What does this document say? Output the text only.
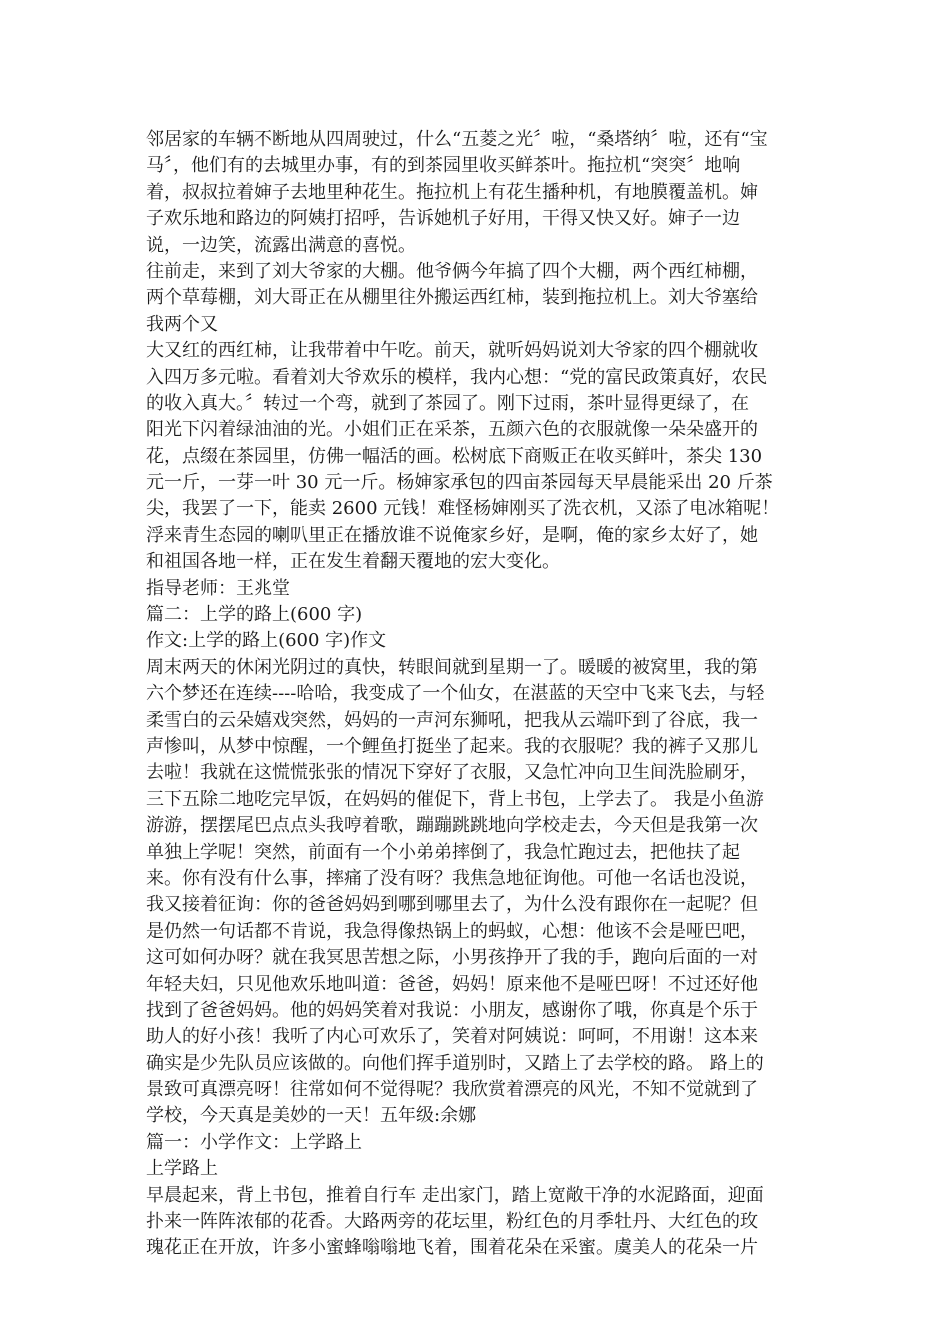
邻居家的车辆不断地从四周驶过，什么“五菱之光〞啦，“桑塔纳〞啦，还有“宝
马〞，他们有的去城里办事，有的到茶园里收买鲜茶叶。拖拉机“突突〞地响
着，叔叔拉着婶子去地里种花生。拖拉机上有花生播种机，有地膜覆盖机。婶
子欢乐地和路边的阿姨打招呼，告诉她机子好用，干得又快又好。婶子一边
说，一边笑，流露出满意的喜悦。
往前走，来到了刘大爷家的大棚。他爷俩今年搞了四个大棚，两个西红柿棚，
两个草莓棚，刘大哥正在从棚里往外搬运西红柿，装到拖拉机上。刘大爷塞给
我两个又
大又红的西红柿，让我带着中午吃。前天，就听妈妈说刘大爷家的四个棚就收
入四万多元啦。看着刘大爷欢乐的模样，我内心想：“党的富民政策真好，农民
的收入真大。〞转过一个弯，就到了茶园了。刚下过雨，茶叶显得更绿了，在
阳光下闪着绿油油的光。小姐们正在采茶，五颜六色的衣服就像一朵朵盛开的
花，点缀在茶园里，仿佛一幅活的画。松树底下商贩正在收买鲜叶，茶尖 130
元一斤，一芽一叶 30 元一斤。杨婶家承包的四亩茶园每天早晨能采出 20 斤茶
尖，我罢了一下，能卖 2600 元钱！难怪杨婶刚买了洗衣机，又添了电冰箱呢！
浮来青生态园的喇叭里正在播放谁不说俺家乡好，是啊，俺的家乡太好了，她
和祖国各地一样，正在发生着翻天覆地的宏大变化。
指导老师：王兆堂
篇二：上学的路上(600 字)
作文:上学的路上(600 字)作文
周末两天的休闲光阴过的真快，转眼间就到星期一了。暖暖的被窝里，我的第
六个梦还在连续----哈哈，我变成了一个仙女，在湛蓝的天空中飞来飞去，与轻
柔雪白的云朵嬉戏突然，妈妈的一声河东狮吼，把我从云端吓到了谷底，我一
声惨叫，从梦中惊醒，一个鲤鱼打挺坐了起来。我的衣服呢？我的裤子又那儿
去啦！我就在这慌慌张张的情况下穿好了衣服，又急忙冲向卫生间洗脸刷牙，
三下五除二地吃完早饭，在妈妈的催促下，背上书包，上学去了。 我是小鱼游
游游，摆摆尾巴点点头我哼着歌，蹦蹦跳跳地向学校走去，今天但是我第一次
单独上学呢！突然，前面有一个小弟弟摔倒了，我急忙跑过去，把他扶了起
来。你有没有什么事，摔痛了没有呀？我焦急地征询他。可他一名话也没说，
我又接着征询：你的爸爸妈妈到哪到哪里去了，为什么没有跟你在一起呢？但
是仍然一句话都不肯说，我急得像热锅上的蚂蚁，心想：他该不会是哑巴吧，
这可如何办呀？就在我冥思苦想之际，小男孩挣开了我的手，跑向后面的一对
年轻夫妇，只见他欢乐地叫道：爸爸，妈妈！原来他不是哑巴呀！不过还好他
找到了爸爸妈妈。他的妈妈笑着对我说：小朋友，感谢你了哦，你真是个乐于
助人的好小孩！我听了内心可欢乐了，笑着对阿姨说：呵呵，不用谢！这本来
确实是少先队员应该做的。向他们挥手道别时，又踏上了去学校的路。 路上的
景致可真漂亮呀！往常如何不觉得呢？我欣赏着漂亮的风光，不知不觉就到了
学校，今天真是美妙的一天！五年级:余娜
篇一：小学作文：上学路上
上学路上
早晨起来，背上书包，推着自行车 走出家门，踏上宽敞干净的水泥路面，迎面
扑来一阵阵浓郁的花香。大路两旁的花坛里，粉红色的月季牡丹、大红色的玫
瑰花正在开放，许多小蜜蜂嗡嗡地飞着，围着花朵在采蜜。虞美人的花朵一片
